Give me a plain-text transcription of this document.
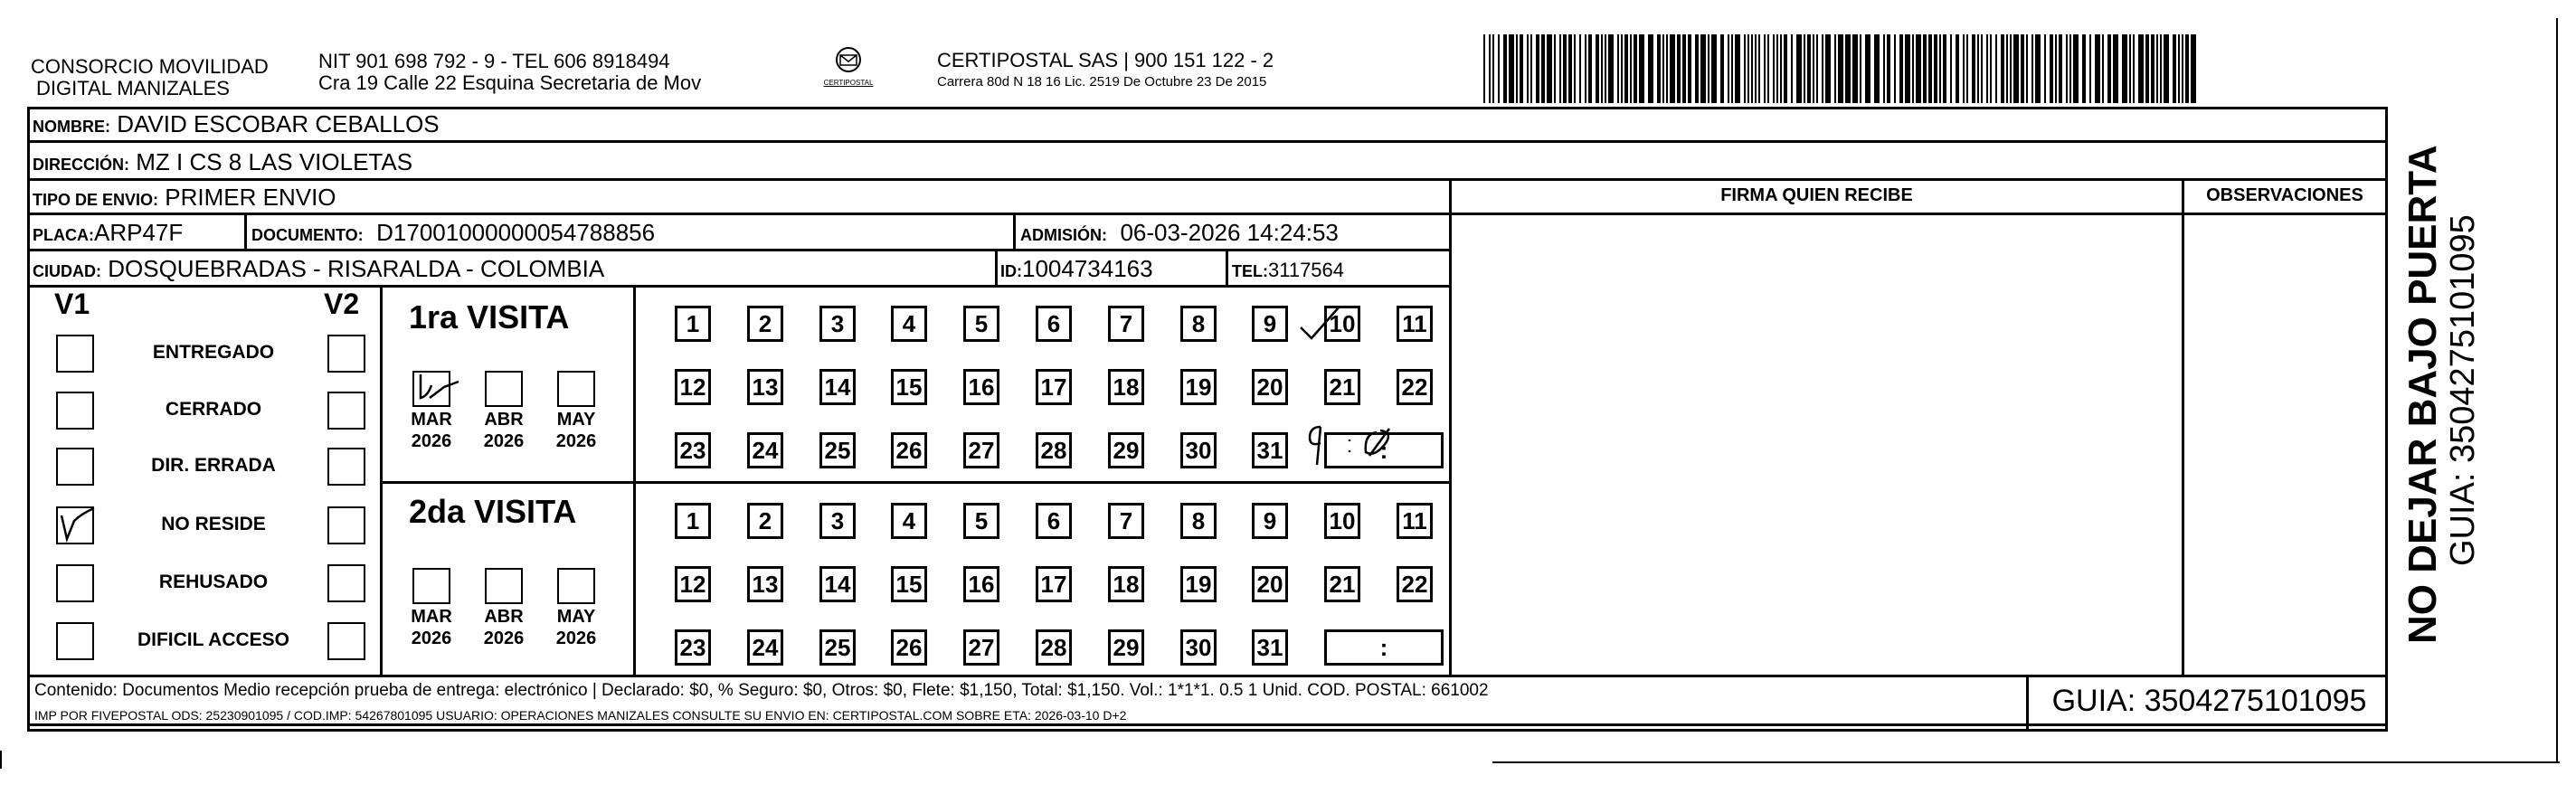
CONSORCIO MOVILIDAD
DIGITAL MANIZALES
NIT 901 698 792 - 9 - TEL 606 8918494
Cra 19 Calle 22 Esquina Secretaria de Mov	CERTIPOSTAL
CERTIPOSTAL SAS | 900 151 122 - 2
Carrera 80d N 18 16 Lic. 2519 De Octubre 23 De 2015
NOMBRE: DAVID ESCOBAR CEBALLOS
DIRECCIÓN: MZ I CS 8 LAS VIOLETAS
TIPO DE ENVIO: PRIMER ENVIO
PLACA:ARP47F	DOCUMENTO: D17001000000054788856	ADMISIÓN: 06-03-2026 14:24:53
CIUDAD: DOSQUEBRADAS - RISARALDA - COLOMBIA	ID:1004734163	TEL:3117564
FIRMA QUIEN RECIBE	OBSERVACIONES
V1	V2
ENTREGADO
CERRADO
DIR. ERRADA
NO RESIDE
REHUSADO
DIFICIL ACCESO
1ra VISITA
MAR
2026
ABR
2026
MAY
2026
1	2	3	4	5	6	7	8	9	10 11
12 13 14 15 16 17 18 19 20 21 22
23 24 25 26 27 28 29 30 31	:
2da VISITA
MAR
2026
ABR
2026
MAY
2026
1	2	3	4	5	6	7	8	9	10 11
12 13 14 15 16 17 18 19 20 21 22
23 24 25 26 27 28 29 30 31	:
Contenido: Documentos Medio recepción prueba de entrega: electrónico | Declarado: $0, % Seguro: $0, Otros: $0, Flete: $1,150, Total: $1,150. Vol.: 1*1*1. 0.5 1 Unid. COD. POSTAL: 661002
IMP POR FIVEPOSTAL ODS: 25230901095 / COD.IMP: 54267801095 USUARIO: OPERACIONES MANIZALES CONSULTE SU ENVIO EN: CERTIPOSTAL.COM SOBRE ETA: 2026-03-10 D+2	GUIA: 3504275101095
NO DEJAR BAJO PUERTA GUIA: 3504275101095
